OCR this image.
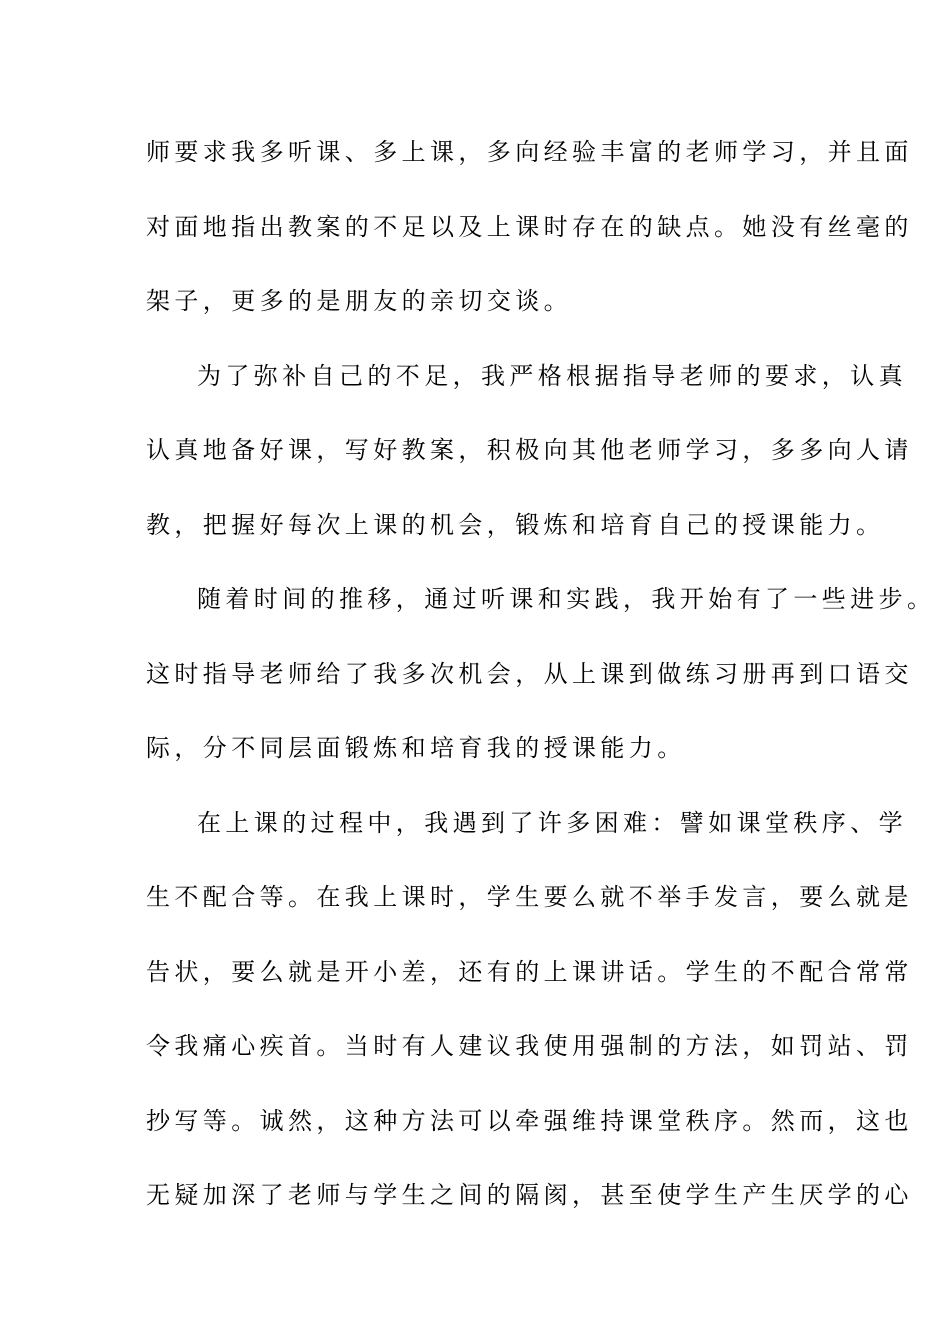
师要求我多听课、多上课，多向经验丰富的老师学习，并且面
对面地指出教案的不足以及上课时存在的缺点。她没有丝毫的
架子，更多的是朋友的亲切交谈。
为了弥补自己的不足，我严格根据指导老师的要求，认真
认真地备好课，写好教案，积极向其他老师学习，多多向人请
教，把握好每次上课的机会，锻炼和培育自己的授课能力。
随着时间的推移，通过听课和实践，我开始有了一些进步。
这时指导老师给了我多次机会，从上课到做练习册再到口语交
际，分不同层面锻炼和培育我的授课能力。
在上课的过程中，我遇到了许多困难：譬如课堂秩序、学
生不配合等。在我上课时，学生要么就不举手发言，要么就是
告状，要么就是开小差，还有的上课讲话。学生的不配合常常
令我痛心疾首。当时有人建议我使用强制的方法，如罚站、罚
抄写等。诚然，这种方法可以牵强维持课堂秩序。然而，这也
无疑加深了老师与学生之间的隔阂，甚至使学生产生厌学的心
